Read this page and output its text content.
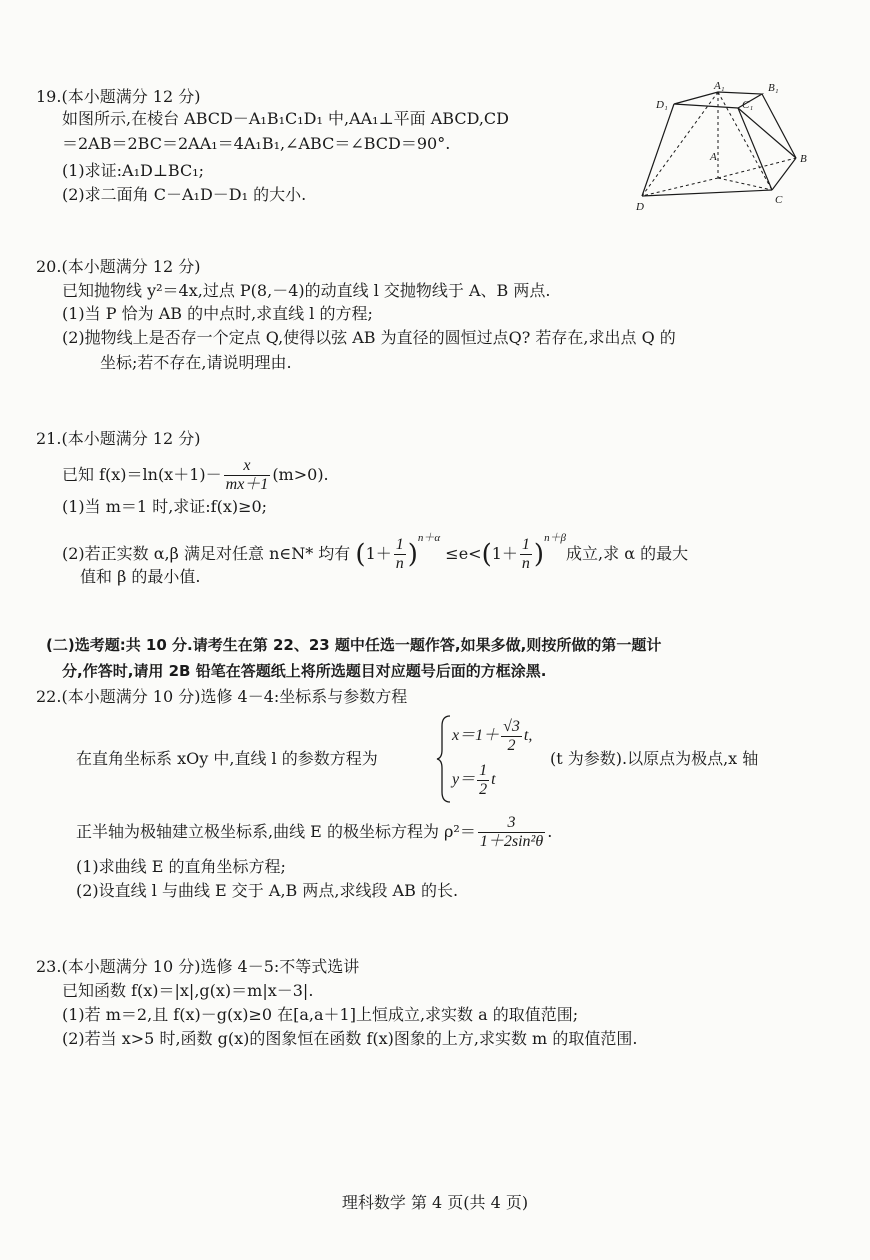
19.(本小题满分 12 分)
如图所示,在棱台 ABCD－A₁B₁C₁D₁ 中,AA₁⊥平面 ABCD,CD
＝2AB＝2BC＝2AA₁＝4A₁B₁,∠ABC＝∠BCD＝90°.
(1)求证:A₁D⊥BC₁;
(2)求二面角 C－A₁D－D₁ 的大小.
A₁	B₁
C₁
D₁
A	B
C
D
20.(本小题满分 12 分)
已知抛物线 y²＝4x,过点 P(8,－4)的动直线 l 交抛物线于 A、B 两点.
(1)当 P 恰为 AB 的中点时,求直线 l 的方程;
(2)抛物线上是否存一个定点 Q,使得以弦 AB 为直径的圆恒过点Q? 若存在,求出点 Q 的
坐标;若不存在,请说明理由.
21.(本小题满分 12 分)
已知 $f(x)=\ln(x+1)- \frac{x}{mx+1} (m>0)$.
(1)当 m＝1 时,求证:f(x)≥0;
(2)若正实数 α,β 满足对任意 n∈N* 均有 $(1+ \frac{1}{n} )^{n+\alpha} \le e<(1+ \frac{1}{n} )^{n+\beta}$成立,求 α 的最大
值和 β 的最小值.
(二)选考题:共 10 分.请考生在第 22、23 题中任选一题作答,如果多做,则按所做的第一题计
分,作答时,请用 2B 铅笔在答题纸上将所选题目对应题号后面的方框涂黑.
22.(本小题满分 10 分)选修 4－4:坐标系与参数方程
在直角坐标系 xOy 中,直线 l 的参数方程为
$x=1+ \frac{√3}{2} t$,
$y= \frac{1}{2}$ t
(t 为参数).以原点为极点,x 轴
正半轴为极轴建立极坐标系,曲线 E 的极坐标方程为 $\rho^2= \frac{3}{\text{1＋2sin²θ}}$ .
(1)求曲线 E 的直角坐标方程;
(2)设直线 l 与曲线 E 交于 A,B 两点,求线段 AB 的长.
23.(本小题满分 10 分)选修 4－5:不等式选讲
已知函数 f(x)＝|x|,g(x)＝m|x－3|.
(1)若 m＝2,且 f(x)－g(x)≥0 在[a,a＋1]上恒成立,求实数 a 的取值范围;
(2)若当 x>5 时,函数 g(x)的图象恒在函数 f(x)图象的上方,求实数 m 的取值范围.
理科数学 第 4 页(共 4 页)
